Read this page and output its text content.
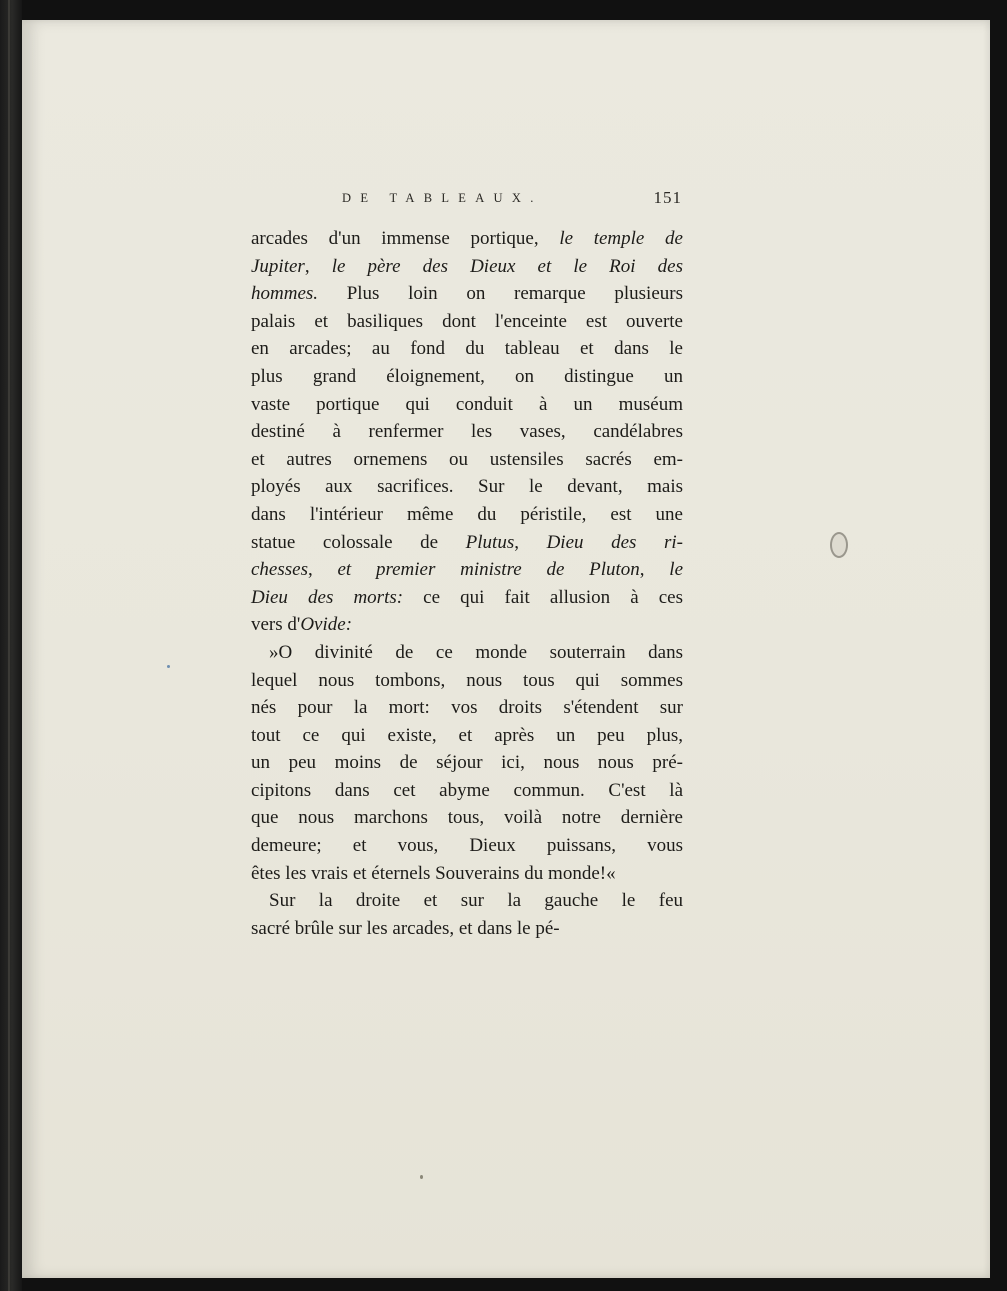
DE TABLEAUX.	151
arcades d'un immense portique, le temple de
Jupiter, le père des Dieux et le Roi des
hommes. Plus loin on remarque plusieurs
palais et basiliques dont l'enceinte est ouverte
en arcades; au fond du tableau et dans le
plus grand éloignement, on distingue un
vaste portique qui conduit à un muséum
destiné à renfermer les vases, candélabres
et autres ornemens ou ustensiles sacrés em-
ployés aux sacrifices. Sur le devant, mais
dans l'intérieur même du péristile, est une
statue colossale de Plutus, Dieu des ri-
chesses, et premier ministre de Pluton, le
Dieu des morts: ce qui fait allusion à ces
vers d'Ovide:
»O divinité de ce monde souterrain dans
lequel nous tombons, nous tous qui sommes
nés pour la mort: vos droits s'étendent sur
tout ce qui existe, et après un peu plus,
un peu moins de séjour ici, nous nous pré-
cipitons dans cet abyme commun. C'est là
que nous marchons tous, voilà notre dernière
demeure; et vous, Dieux puissans, vous
êtes les vrais et éternels Souverains du monde!«
Sur la droite et sur la gauche le feu
sacré brûle sur les arcades, et dans le pé-
